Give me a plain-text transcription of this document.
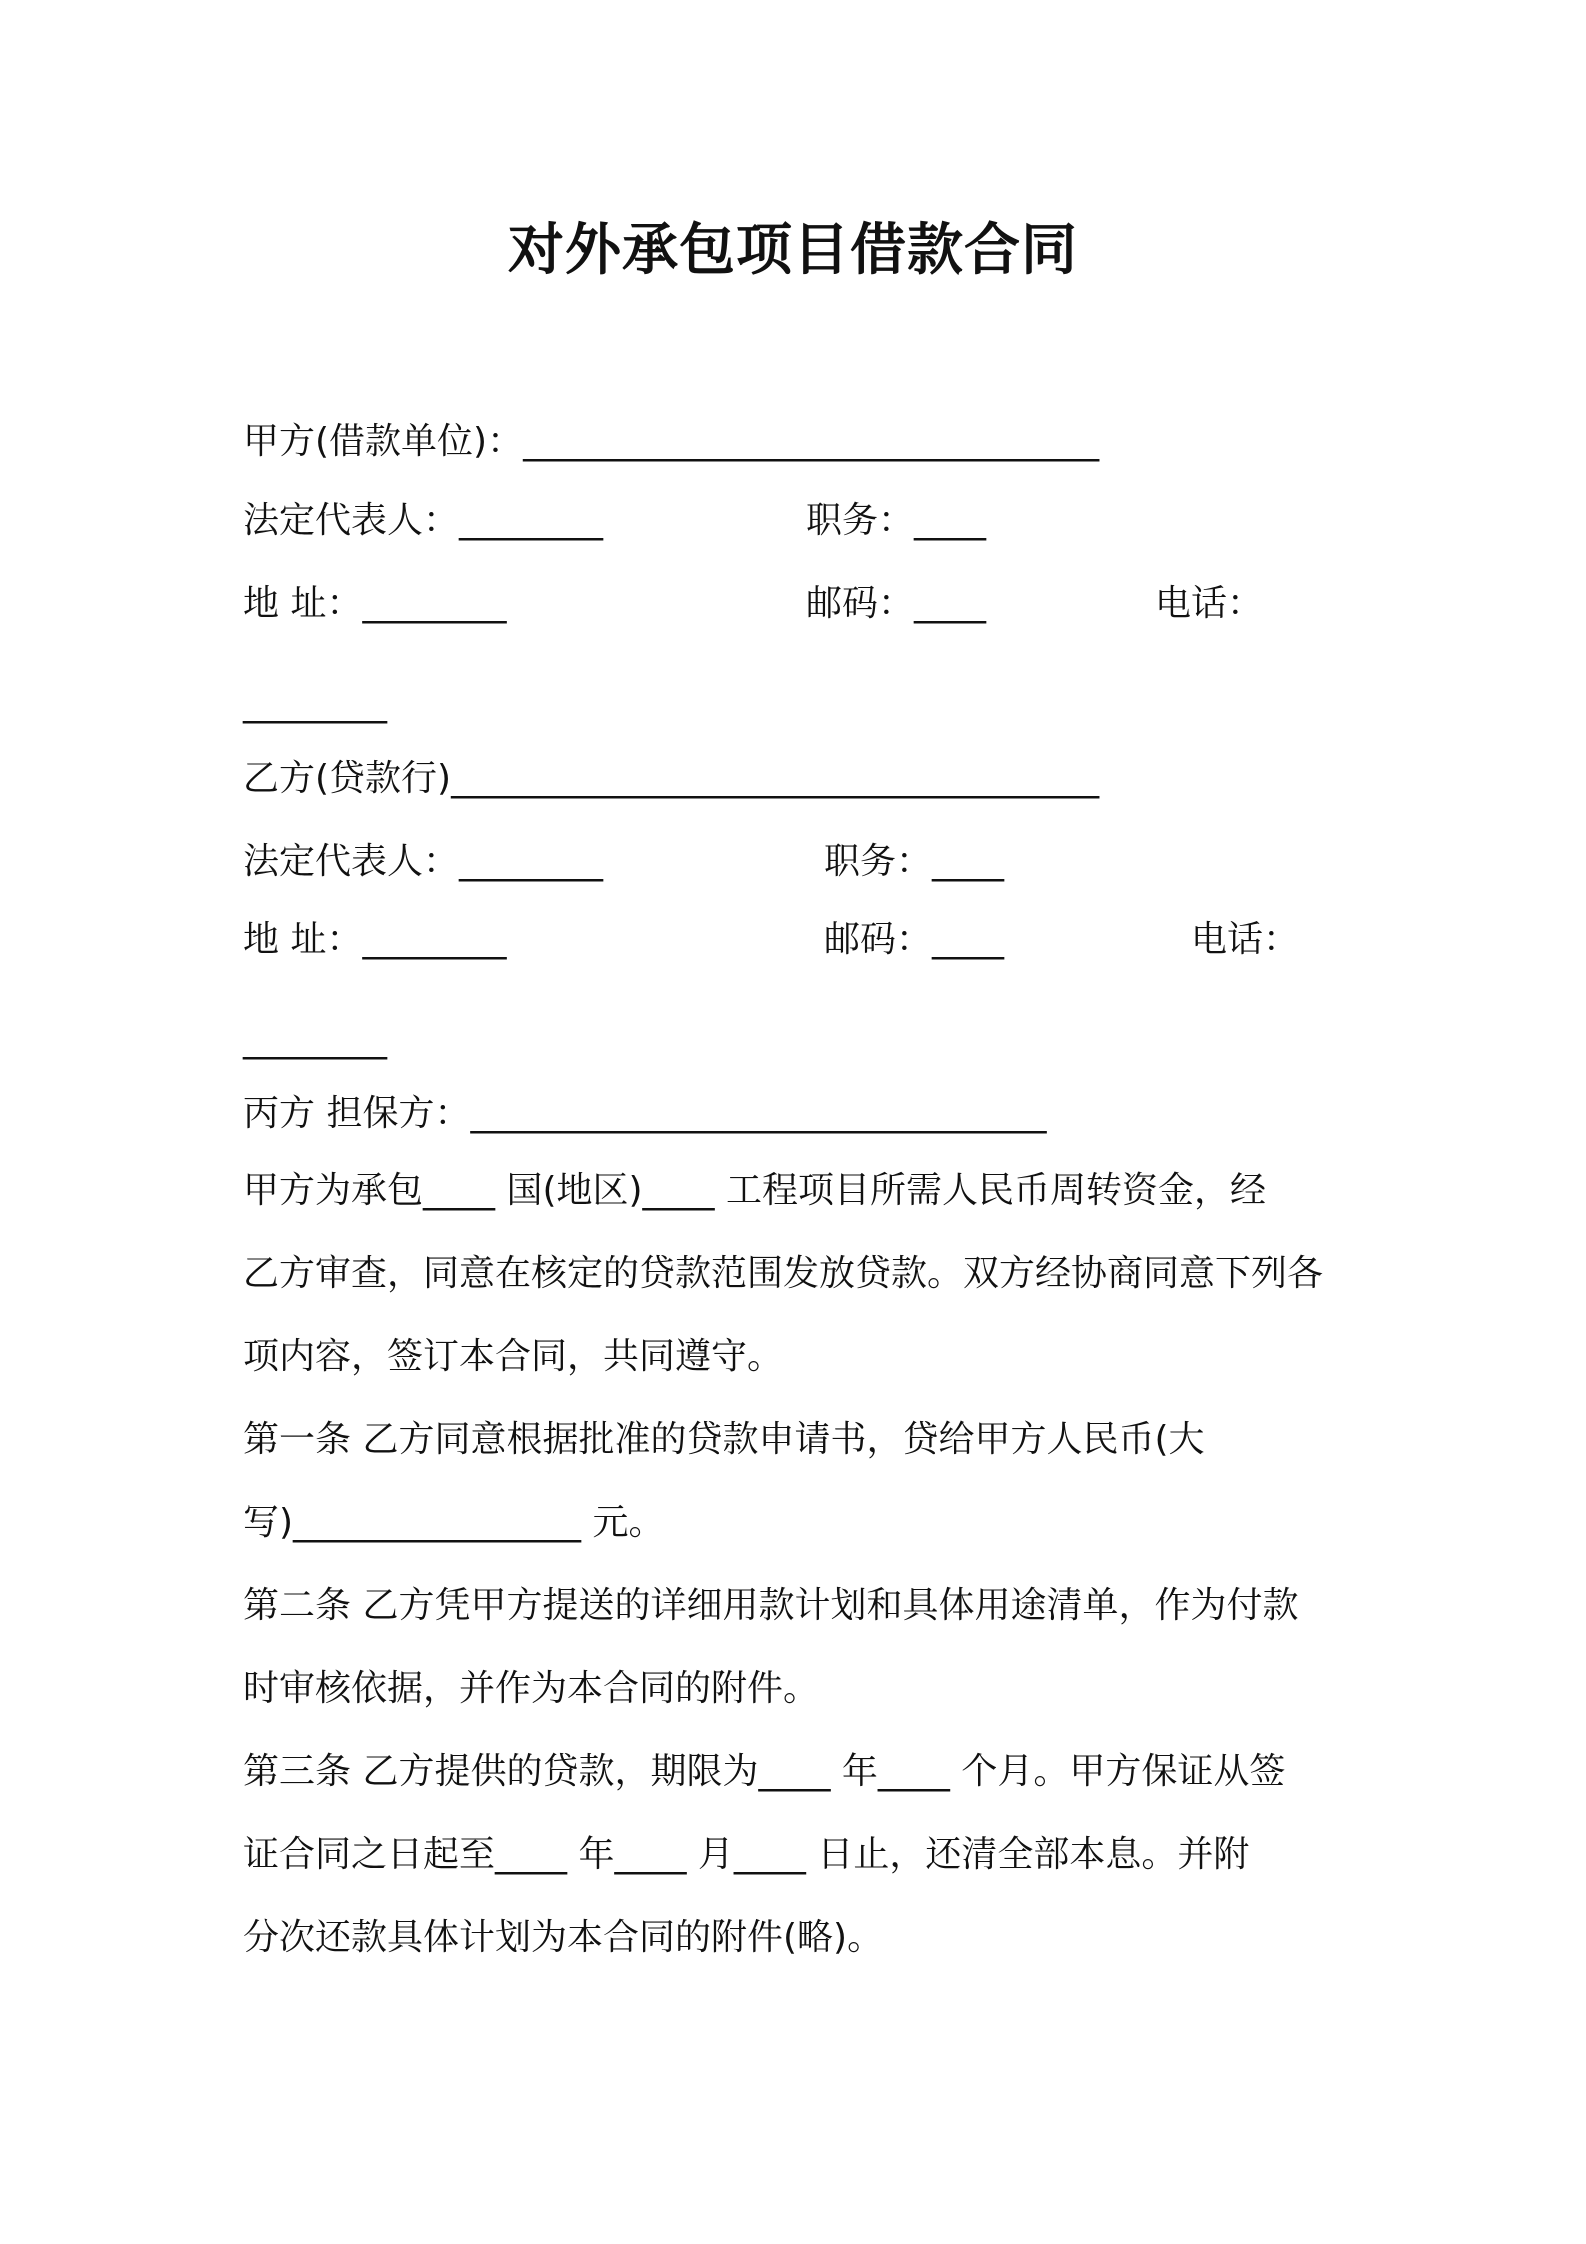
对外承包项目借款合同
甲方(借款单位)：________________________________
法定代表人：________	职务：____
地 址：________	邮码：____	电话：
________
乙方(贷款行)____________________________________
法定代表人：________	职务：____
地 址：________	邮码：____	电话：
________
丙方 担保方：________________________________
甲方为承包____ 国(地区)____ 工程项目所需人民币周转资金，经
乙方审查，同意在核定的贷款范围发放贷款。双方经协商同意下列各
项内容，签订本合同，共同遵守。
第一条 乙方同意根据批准的贷款申请书，贷给甲方人民币(大
写)________________ 元。
第二条 乙方凭甲方提送的详细用款计划和具体用途清单，作为付款
时审核依据，并作为本合同的附件。
第三条 乙方提供的贷款，期限为____ 年____ 个月。甲方保证从签
证合同之日起至____ 年____ 月____ 日止，还清全部本息。并附
分次还款具体计划为本合同的附件(略)。
